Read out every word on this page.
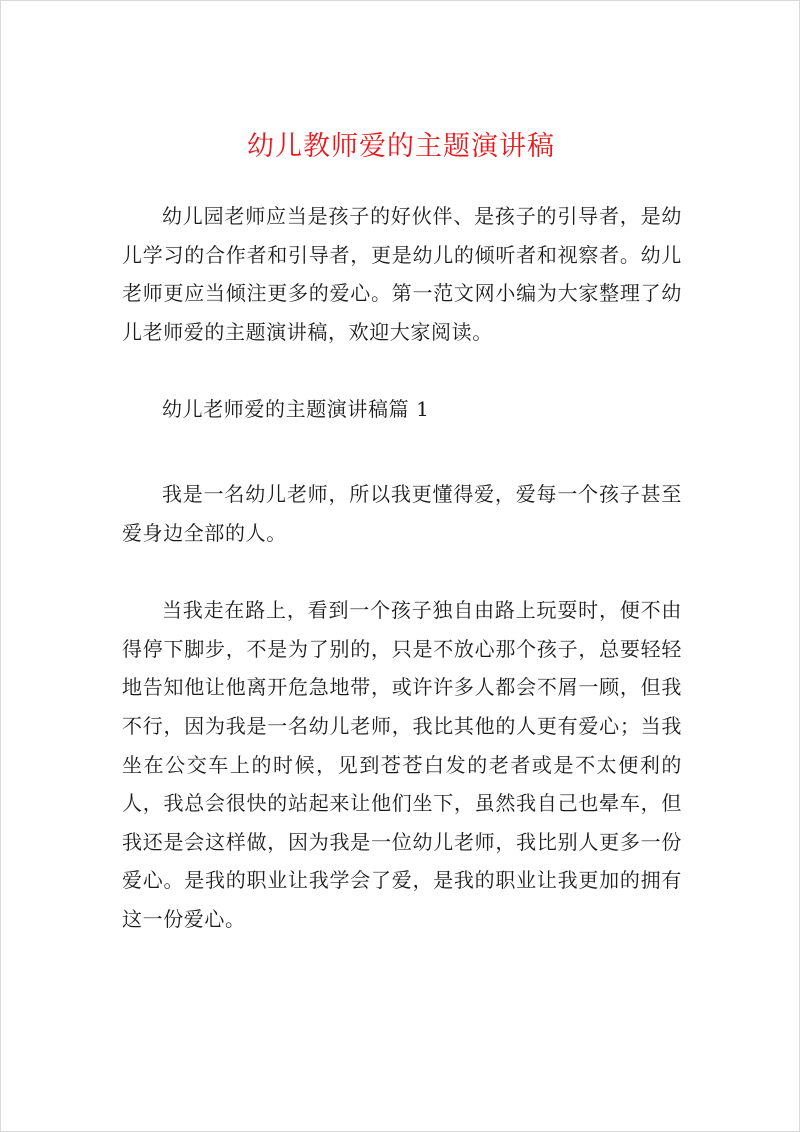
幼儿教师爱的主题演讲稿

幼儿园老师应当是孩子的好伙伴、是孩子的引导者，是幼儿学习的合作者和引导者，更是幼儿的倾听者和视察者。幼儿老师更应当倾注更多的爱心。第一范文网小编为大家整理了幼儿老师爱的主题演讲稿，欢迎大家阅读。

幼儿老师爱的主题演讲稿篇 1

我是一名幼儿老师，所以我更懂得爱，爱每一个孩子甚至爱身边全部的人。

当我走在路上，看到一个孩子独自由路上玩耍时，便不由得停下脚步，不是为了别的，只是不放心那个孩子，总要轻轻地告知他让他离开危急地带，或许许多人都会不屑一顾，但我不行，因为我是一名幼儿老师，我比其他的人更有爱心；当我坐在公交车上的时候，见到苍苍白发的老者或是不太便利的人，我总会很快的站起来让他们坐下，虽然我自己也晕车，但我还是会这样做，因为我是一位幼儿老师，我比别人更多一份爱心。是我的职业让我学会了爱，是我的职业让我更加的拥有这一份爱心。
